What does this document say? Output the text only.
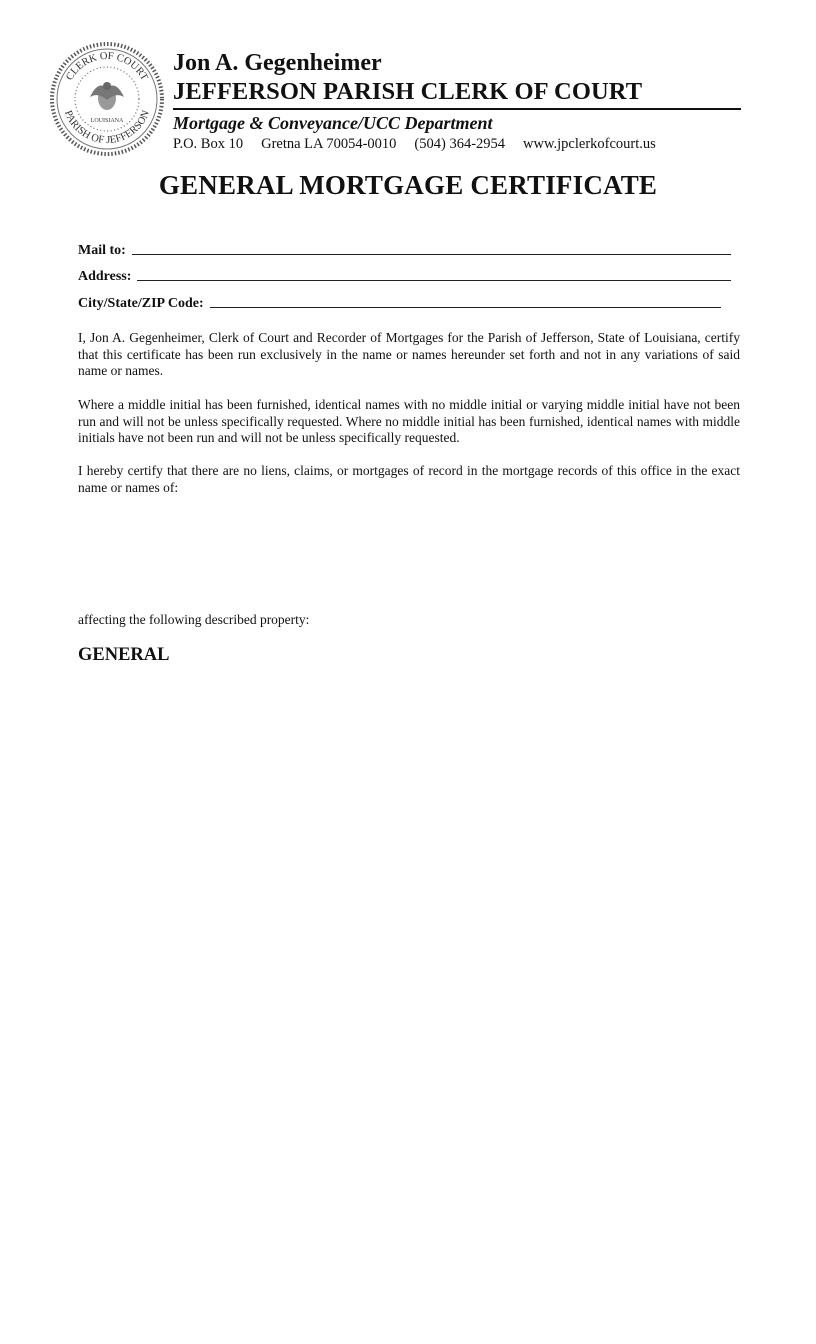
CLERK OF COURT
PARISH OF JEFFERSON
LOUISIANA
Jon A. Gegenheimer
JEFFERSON PARISH CLERK OF COURT
Mortgage & Conveyance/UCC Department
P.O. Box 10 Gretna LA 70054-0010 (504) 364-2954 www.jpclerkofcourt.us
GENERAL MORTGAGE CERTIFICATE
Mail to:
Address:
City/State/ZIP Code:
I, Jon A. Gegenheimer, Clerk of Court and Recorder of Mortgages for the Parish of Jefferson, State of Louisiana, certify that this certificate has been run exclusively in the name or names hereunder set forth and not in any variations of said name or names.
Where a middle initial has been furnished, identical names with no middle initial or varying middle initial have not been run and will not be unless specifically requested. Where no middle initial has been furnished, identical names with middle initials have not been run and will not be unless specifically requested.
I hereby certify that there are no liens, claims, or mortgages of record in the mortgage records of this office in the exact name or names of:
affecting the following described property:
GENERAL
